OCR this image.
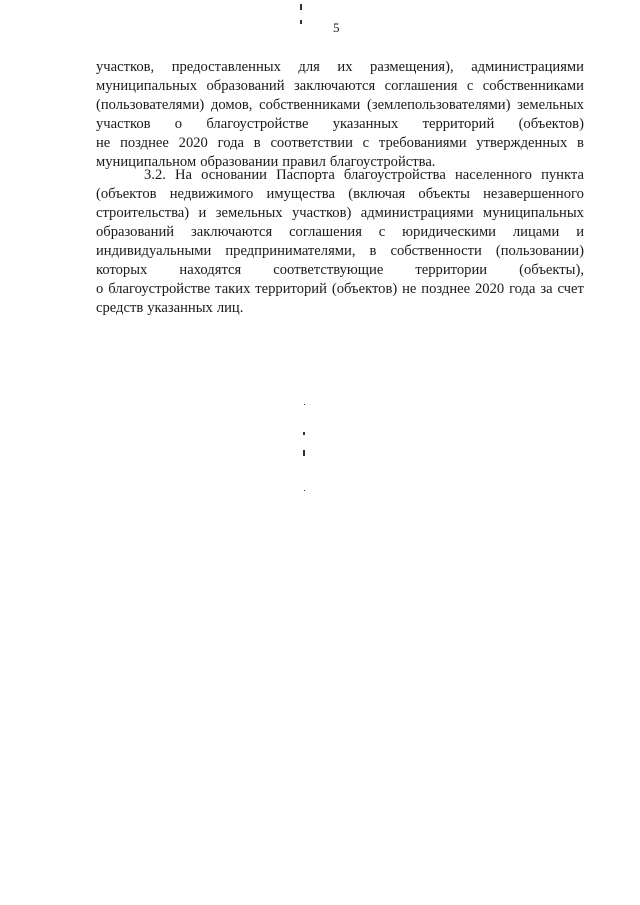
5
участков, предоставленных для их размещения), администрациями
муниципальных образований заключаются соглашения с собственниками
(пользователями) домов, собственниками (землепользователями) земельных
участков о благоустройстве указанных территорий (объектов)
не позднее 2020 года в соответствии с требованиями утвержденных в
муниципальном образовании правил благоустройства.
3.2. На основании Паспорта благоустройства населенного пункта
(объектов недвижимого имущества (включая объекты незавершенного
строительства) и земельных участков) администрациями муниципальных
образований заключаются соглашения с юридическими лицами и
индивидуальными предпринимателями, в собственности (пользовании)
которых находятся соответствующие территории (объекты),
о благоустройстве таких территорий (объектов) не позднее 2020 года за счет
средств указанных лиц.
